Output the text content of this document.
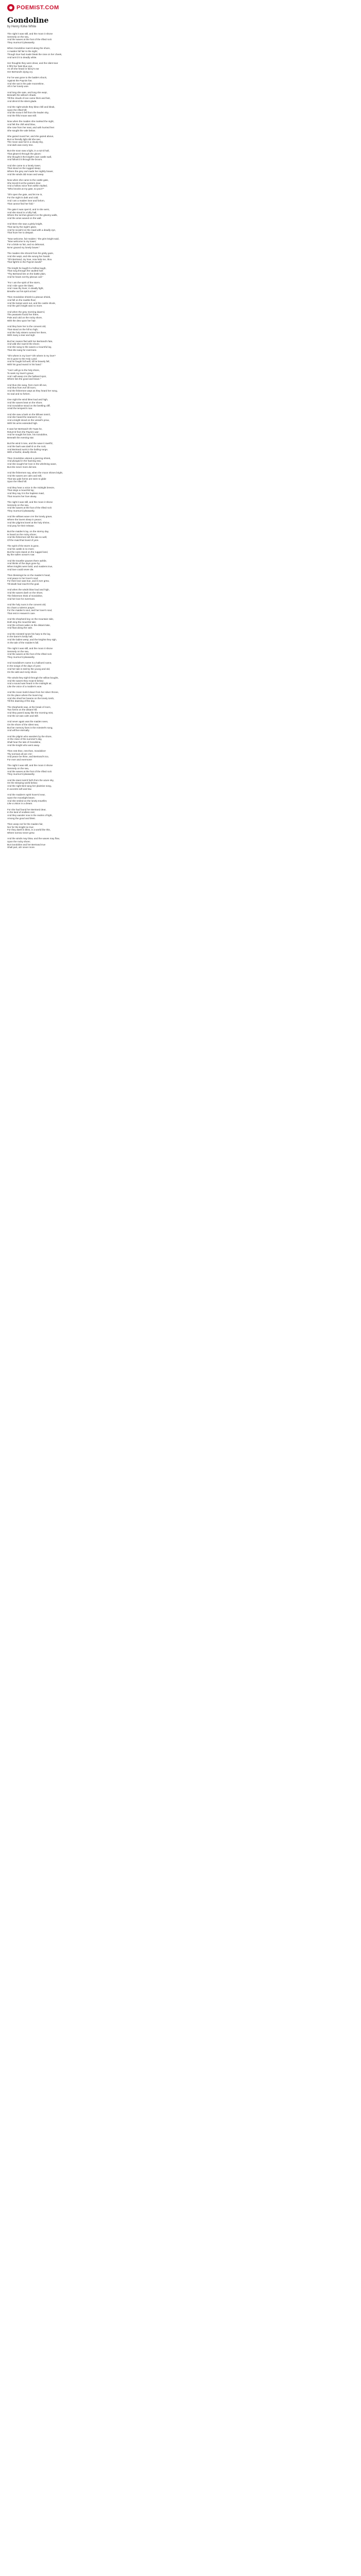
POEMIST.COM
Gondoline
by Henry Kirke White
The night it was still, and the moon it shone
Serenely on the sea,
And the waves at the foot of the rifted rock
They murmur'd pleasantly.
When Gondoline roam'd along the shore,
A maiden full fair to the sight;
Though love had made bleak the rose on her cheek,
And turn'd it to deadly white.
Her thoughts they were drear, and the silent tear
It fill'd her faint blue eye,
As oft she heard in fancy's ear
Her Bertrand's dying cry.
For he was gone to the battle's shock,
Against the Paynim foe;
And she sat in the pale moonshine,
All in her lonely woe.
And long she sate, and long she wept,
Beneath the willow's shade,
Till the clouds of eve came thick and fast,
And dimm'd the silent glade.
And the night-winds they blew chill and bleak,
Upon the rifted hill;
And the snow it fell from the leaden sky,
And the fitful moan was still.
Now when the maiden she marked the night,
And felt the chill wind blow,
She rose from her seat, and with hurried feet
She sought the vale below.
She gazed round her, and she gazed above,
But no friendly light did she see;
The moon was hid in a cloudy sky,
And dark was every tree.
But she soon saw a light, in a ruin'd hall,
That gleam'd through the gloom:
She thought it the knight's own castle wall,
And follow'd it through the broom.
And she came to a lonely tower,
That stood on the rugged steep;
Where the grey owl made her nightly bower,
And the winds did moan and weep.
Now when she came to the castle gate,
She knock'd at the postern door,
And a hollow voice from within replied,
"Who knocks at my gate, so poor?"
"Oh! open the gate, and let me in,
For the night is dark and cold;
And I am a maiden lone and forlorn,
That cannot find her fold."
The gate it was open'd, and in she went,
And she stood in a lofty hall,
Where the torches gleam'd on the gloomy walls,
And the arras waved on the wall.
And there she saw a grisly knight,
That sat by the ingle's glare,
And he scowl'd on the maid with a deadly eye,
That froze her to despair.
"Now welcome, fair maiden," the grim knight said,
"Now welcome to my tower;
For a bride so fair, and so debonair,
Ne'er graced my lonely bower."
The maiden she shrunk from his grisly gaze,
And she wept, and she wrung her hands:
"Oh! Bertrand, my love, now help me, thou
That fight'st in the Paynim lands!"
The knight he laugh'd a hollow laugh,
That rung through the vaulted hall:
"Thy Bertrand lies on the battle plain,
And he hears not thy piteous call."
"For I am the spirit of the storm,
And I ride upon the blast;
And I saw thy lover, in deadly fight,
Breathe out his spirit at last."
Then Gondoline shriek'd a piteous shriek,
And fell on the marble floor;
And the lamps went out, and the castle shook,
And the grim knight was no more.
And when the grey morning dawn'd,
The peasants found her there,
Pale and cold on the rocky shore,
With the dew upon her hair.
And they bore her to the convent old,
That stood on the hill so high;
And the holy sisters nursed her there,
With many a tear and sigh.
But her reason fled with her Bertrand's fate,
And wild she roam'd the shore;
And she sang to the waves a mournful lay,
That she sang for evermore.
"Oh! where is my love? Oh! where is my love?
He is gone to the Holy Land;
And he fought full well, till he bravely fell,
With his good sword in his hand."
"And I will go to the holy shore,
To seek my lover's grave;
And I will weep o'er the hallow'd spot,
Where lies the good and brave."
And thus she sang, from morn till eve,
And thus from eve till morn;
And the fishermen wept as they heard her song,
So sad and so forlorn.
One night the wind blew loud and high,
And the waves beat on the shore;
And Gondoline stood on the beetling cliff,
Amid the tempest's roar.
And she saw a bark on the billows toss'd,
And she heard the seamen's cry;
And a knight stood on the vessel's prow,
With his arms extended high.
It was her Bertrand! Oh! 'twas he,
Return'd from the Paynim war;
And he sought his love, his Gondoline,
Beneath the evening star.
But the wind it rose, and the wave it swell'd,
And the bark was dash'd on the rock;
And Bertrand sunk in the boiling surge,
With a fearful, deadly shock.
Then Gondoline uttered a piercing shriek,
And plunged in the foaming sea;
And she sought her love in the whelming wave,
But she never more did see.
And the fishermen say, when the moon shines bright,
And the waves are calm and still,
That two pale forms are seen to glide
Upon the rifted hill.
And they hear a voice in the midnight breeze,
That sings a mournful lay;
And they say it is the hapless maid,
That mourns her love alway.
The night it was still, and the moon it shone
Serenely on the sea,
And the waves at the foot of the rifted rock
They murmur'd pleasantly.
And the willows wave o'er the lonely grave,
Where the lovers sleep in peace;
And the pilgrims kneel at the holy shrine,
And pray for their release.
But the maiden's lay, on the stormy day,
Is heard on the rocky shore;
And the fishermen tell the tale so well,
Of the maid that loved of yore.
The spirit of the storm is gone,
And his castle is no more;
But the ruins stand on the rugged land,
By the sullen ocean's roar.
And the traveller pauses there awhile,
And thinks of the days gone by;
When knights were bold, and maidens true,
And love could never die.
Then blessings be on the maiden's head,
And peace to her lover's soul;
For their love was true, and it ever grew,
Till death had reach'd the goal.
And when the winds blow loud and high,
And the waves dash on the shore,
The fishermen think of Gondoline,
And her love for evermore.
And the holy nuns in the convent old,
Do chant a solemn prayer;
For the maiden's soul, and her lover's soul,
That rest in Heaven's care.
And the shepherd boy on the mountain side,
Doth sing the mournful tale;
And the echoes wake on the distant lake,
And float along the vale.
And the minstrel tunes his harp to the lay,
In the baron's lordly hall;
And the ladies weep, and the knights they sigh,
At the tale of the maiden's fall.
The night it was still, and the moon it shone
Serenely on the sea,
And the waves at the foot of the rifted rock
They murmur'd pleasantly.
And Gondoline's name is a hallow'd name,
In the songs of the days of yore;
And her tale is told by the young and old,
On the wild and rocky shore.
The winds they sigh'd through the willow boughs,
And the waves they moan'd below;
And a sound was heard in the midnight air,
Like the voice of a maiden's woe.
And the moon look'd down from her silver throne,
On the place where the lovers lay;
And she shed her beams on the lonely tomb,
Till the dawning of the day.
The shepherds saw, at the break of morn,
Two forms on the distant hill;
And they pass'd away like the morning mist,
And the air was calm and still.
And never again was the maiden seen,
On the shore of the silent sea;
But her memory lives in the minstrel's song,
And will live eternally.
And the pilgrim who wanders by the shore,
At the close of the summer's day,
Shall hear the tale of Gondoline,
And the knight who went away.
Then rest thee, rest thee, Gondoline!
Thy sorrows all are o'er;
And peace be thine, and Bertrand's too,
For ever and evermore!
The night it was still, and the moon it shone
Serenely on the sea,
And the waves at the foot of the rifted rock
They murmur'd pleasantly.
And the stars look'd forth from the azure sky,
On the sleeping world below;
And the night-bird sang her plaintive song,
In accents soft and low.
And the maiden's spirit hover'd near,
Upon the moonlight beam;
And she smiled on the lonely traveller,
Like a vision in a dream.
For she had found her Bertrand dear,
In the land of endless rest;
And they wander now in the realms of light,
Among the good and blest.
Then weep not for the maiden fair,
Nor for the knight so true;
For they dwell in bliss, in a world like this,
Where sorrow never grew.
And the winds may blow, and the waves may flow,
Upon the rocky shore;
But Gondoline and her Bertrand true
Shall part, ah! never more.
